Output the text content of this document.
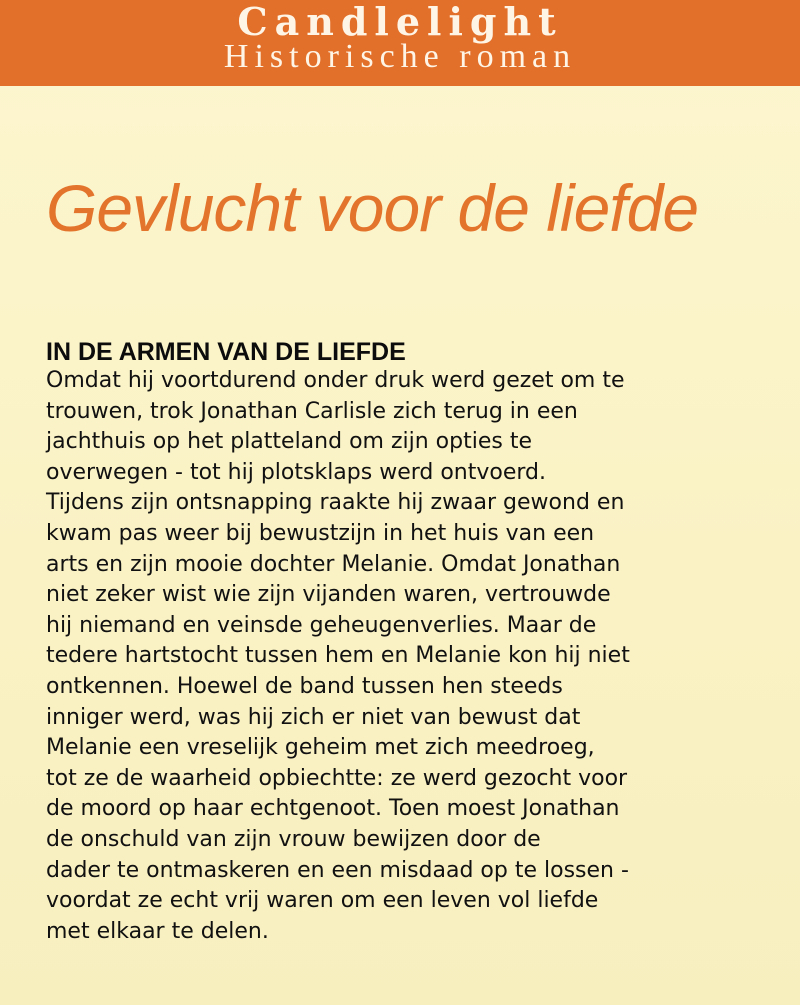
Candlelight
Historische roman
Gevlucht voor de liefde
IN DE ARMEN VAN DE LIEFDE
Omdat hij voortdurend onder druk werd gezet om te
trouwen, trok Jonathan Carlisle zich terug in een
jachthuis op het platteland om zijn opties te
overwegen - tot hij plotsklaps werd ontvoerd.
Tijdens zijn ontsnapping raakte hij zwaar gewond en
kwam pas weer bij bewustzijn in het huis van een
arts en zijn mooie dochter Melanie. Omdat Jonathan
niet zeker wist wie zijn vijanden waren, vertrouwde
hij niemand en veinsde geheugenverlies. Maar de
tedere hartstocht tussen hem en Melanie kon hij niet
ontkennen. Hoewel de band tussen hen steeds
inniger werd, was hij zich er niet van bewust dat
Melanie een vreselijk geheim met zich meedroeg,
tot ze de waarheid opbiechtte: ze werd gezocht voor
de moord op haar echtgenoot. Toen moest Jonathan
de onschuld van zijn vrouw bewijzen door de
dader te ontmaskeren en een misdaad op te lossen -
voordat ze echt vrij waren om een leven vol liefde
met elkaar te delen.
